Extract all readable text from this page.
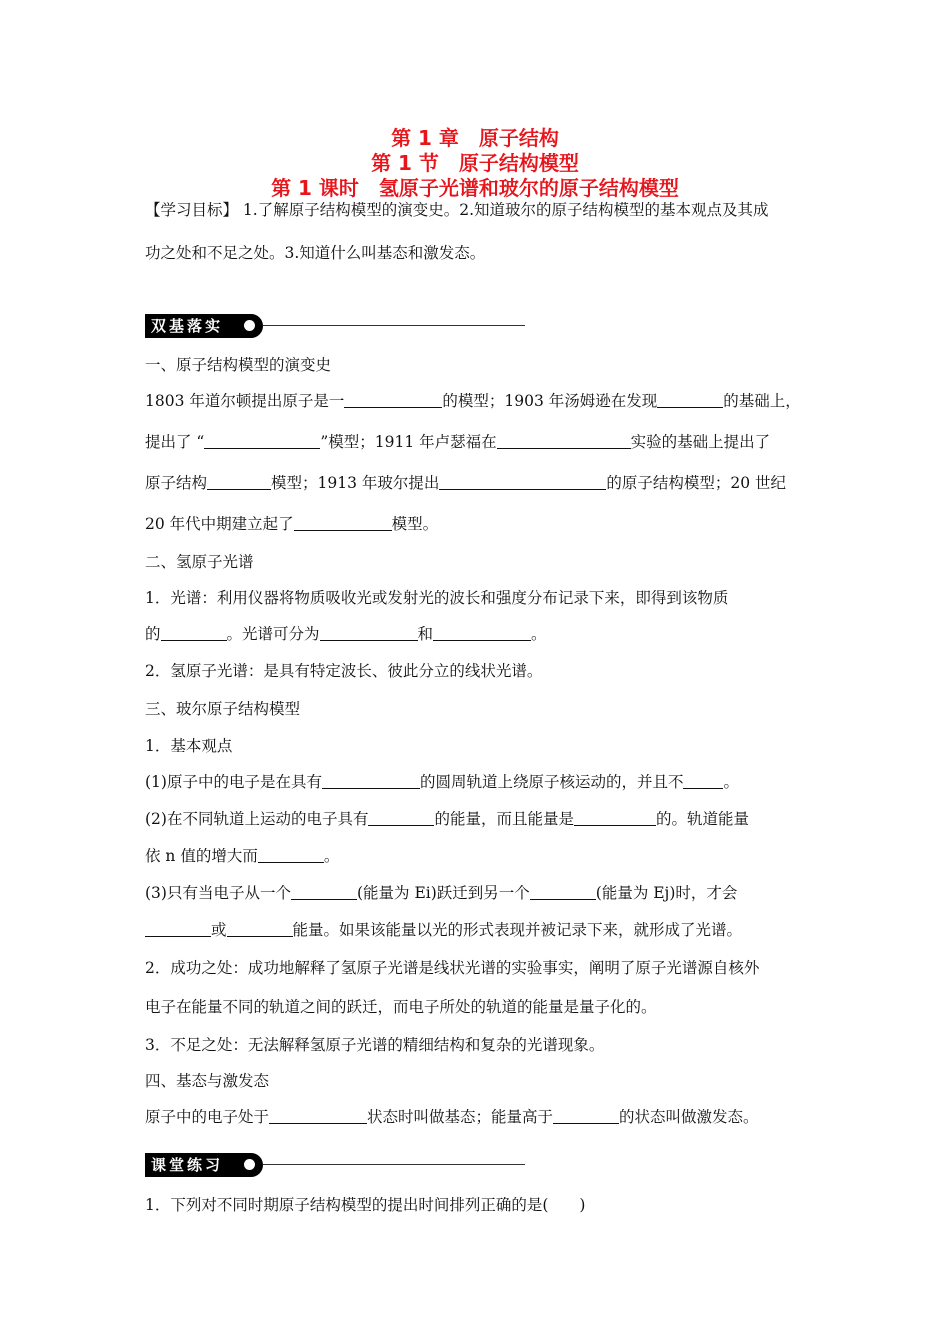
第 1 章　原子结构
第 1 节　原子结构模型
第 1 课时　氢原子光谱和玻尔的原子结构模型
【学习目标】 1.了解原子结构模型的演变史。2.知道玻尔的原子结构模型的基本观点及其成
功之处和不足之处。3.知道什么叫基态和激发态。
双基落实
一、原子结构模型的演变史
1803 年道尔顿提出原子是一	的模型；1903 年汤姆逊在发现	的基础上，
提出了 “	”模型；1911 年卢瑟福在	实验的基础上提出了
原子结构	模型；1913 年玻尔提出	的原子结构模型；20 世纪
20 年代中期建立起了	模型。
二、氢原子光谱
1．光谱：利用仪器将物质吸收光或发射光的波长和强度分布记录下来，即得到该物质
的	。光谱可分为	和	。
2．氢原子光谱：是具有特定波长、彼此分立的线状光谱。
三、玻尔原子结构模型
1．基本观点
(1)原子中的电子是在具有	的圆周轨道上绕原子核运动的，并且不	。
(2)在不同轨道上运动的电子具有	的能量，而且能量是	的。轨道能量
依 n 值的增大而	。
(3)只有当电子从一个	(能量为 Ei)跃迁到另一个	(能量为 Ej)时，才会
或	能量。如果该能量以光的形式表现并被记录下来，就形成了光谱。
2．成功之处：成功地解释了氢原子光谱是线状光谱的实验事实，阐明了原子光谱源自核外
电子在能量不同的轨道之间的跃迁，而电子所处的轨道的能量是量子化的。
3．不足之处：无法解释氢原子光谱的精细结构和复杂的光谱现象。
四、基态与激发态
原子中的电子处于	状态时叫做基态；能量高于	的状态叫做激发态。
课堂练习
1．下列对不同时期原子结构模型的提出时间排列正确的是(　　)
